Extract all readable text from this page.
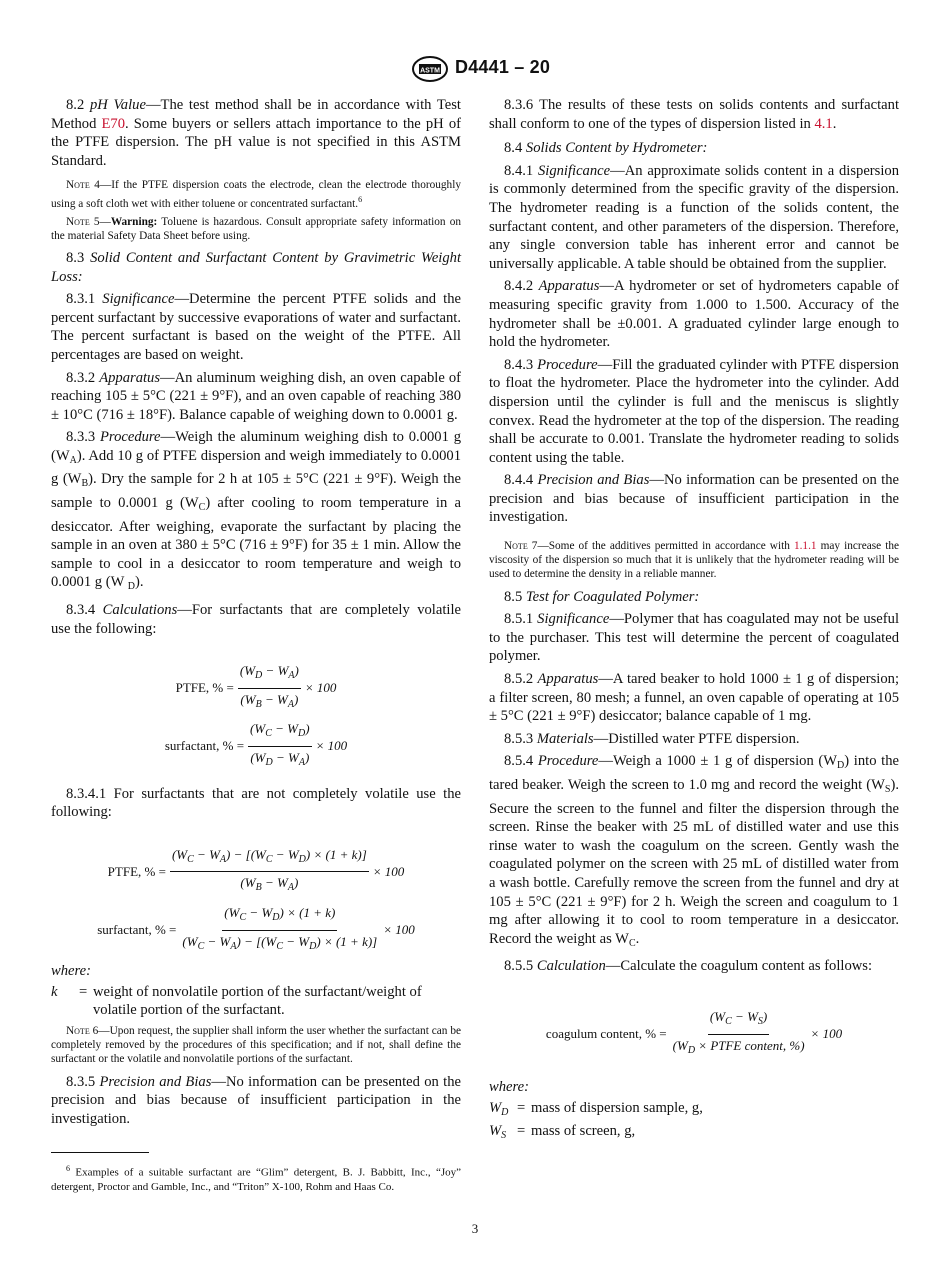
ASTM D4441 – 20

8.2 pH Value—The test method shall be in accordance with Test Method E70. Some buyers or sellers attach importance to the pH of the PTFE dispersion. The pH value is not specified in this ASTM Standard.

Note 4—If the PTFE dispersion coats the electrode, clean the electrode thoroughly using a soft cloth wet with either toluene or concentrated surfactant.$^6$
Note 5—Warning: Toluene is hazardous. Consult appropriate safety information on the material Safety Data Sheet before using.

8.3 Solid Content and Surfactant Content by Gravimetric Weight Loss:

8.3.1 Significance—Determine the percent PTFE solids and the percent surfactant by successive evaporations of water and surfactant. The percent surfactant is based on the weight of the PTFE. All percentages are based on weight.

8.3.2 Apparatus—An aluminum weighing dish, an oven capable of reaching 105 ± 5°C (221 ± 9°F), and an oven capable of reaching 380 ± 10°C (716 ± 18°F). Balance capable of weighing down to 0.0001 g.

8.3.3 Procedure—Weigh the aluminum weighing dish to 0.0001 g $(W_A)$. Add 10 g of PTFE dispersion and weigh immediately to 0.0001 g $(W_B)$. Dry the sample for 2 h at 105 ± 5°C (221 ± 9°F). Weigh the sample to 0.0001 g $(W_C)$ after cooling to room temperature in a desiccator. After weighing, evaporate the surfactant by placing the sample in an oven at 380 ± 5°C (716 ± 9°F) for 35 ± 1 min. Allow the sample to cool in a desiccator to room temperature and weigh to 0.0001 g (W $_D$).

8.3.4 Calculations—For surfactants that are completely volatile use the following:

PTFE, % = $\frac{(W_D - W_A)}{(W_B - W_A)} \times 100$
surfactant, % = $\frac{(W_C - W_D)}{(W_D - W_A)} \times 100$

8.3.4.1 For surfactants that are not completely volatile use the following:

PTFE, % = $\frac{(W_C - W_A) - [(W_C - W_D) \times (1 + k)]}{(W_B - W_A)} \times 100$
surfactant, % = $\frac{(W_C - W_D) \times (1 + k)}{(W_C - W_A) - [(W_C - W_D) \times (1 + k)]} \times 100$
where:
k	= weight of nonvolatile portion of the surfactant/weight of volatile portion of the surfactant.
Note 6—Upon request, the supplier shall inform the user whether the surfactant can be completely removed by the procedures of this specification; and if not, shall define the surfactant or the volatile and nonvolatile portions of the surfactant.

8.3.5 Precision and Bias—No information can be presented on the precision and bias because of insufficient participation in the investigation.

8.3.6 The results of these tests on solids contents and surfactant shall conform to one of the types of dispersion listed in 4.1.

8.4 Solids Content by Hydrometer:

8.4.1 Significance—An approximate solids content in a dispersion is commonly determined from the specific gravity of the dispersion. The hydrometer reading is a function of the solids content, the surfactant content, and other parameters of the dispersion. Therefore, any single conversion table has inherent error and cannot be universally applicable. A table should be obtained from the supplier.

8.4.2 Apparatus—A hydrometer or set of hydrometers capable of measuring specific gravity from 1.000 to 1.500. Accuracy of the hydrometer shall be ±0.001. A graduated cylinder large enough to hold the hydrometer.

8.4.3 Procedure—Fill the graduated cylinder with PTFE dispersion to float the hydrometer. Place the hydrometer into the cylinder. Add dispersion until the cylinder is full and the meniscus is slightly convex. Read the hydrometer at the top of the dispersion. The reading shall be accurate to 0.001. Translate the hydrometer reading to solids content using the table.

8.4.4 Precision and Bias—No information can be presented on the precision and bias because of insufficient participation in the investigation.

Note 7—Some of the additives permitted in accordance with 1.1.1 may increase the viscosity of the dispersion so much that it is unlikely that the hydrometer reading will be used to determine the density in a reliable manner.

8.5 Test for Coagulated Polymer:

8.5.1 Significance—Polymer that has coagulated may not be useful to the purchaser. This test will determine the percent of coagulated polymer.

8.5.2 Apparatus—A tared beaker to hold 1000 ± 1 g of dispersion; a filter screen, 80 mesh; a funnel, an oven capable of operating at 105 ± 5°C (221 ± 9°F) desiccator; balance capable of 1 mg.

8.5.3 Materials—Distilled water PTFE dispersion.

8.5.4 Procedure—Weigh a 1000 ± 1 g of dispersion $(W_D)$ into the tared beaker. Weigh the screen to 1.0 mg and record the weight $(W_S)$. Secure the screen to the funnel and filter the dispersion through the screen. Rinse the beaker with 25 mL of distilled water and use this rinse water to wash the coagulum on the screen. Gently wash the coagulated polymer on the screen with 25 mL of distilled water from a wash bottle. Carefully remove the screen from the funnel and dry at 105 ± 5°C (221 ± 9°F) for 2 h. Weigh the screen and coagulum to 1 mg after allowing it to cool to room temperature in a desiccator. Record the weight as $W_C$.

8.5.5 Calculation—Calculate the coagulum content as follows:

coagulum content, % = $\frac{(W_C - W_S)}{(W_D \times PTFE content, \%)} \times 100$
where:
$W_D$ = mass of dispersion sample, g,
$W_S$ = mass of screen, g,
$^6$ Examples of a suitable surfactant are “Glim” detergent, B. J. Babbitt, Inc., “Joy” detergent, Proctor and Gamble, Inc., and “Triton” X-100, Rohm and Haas Co.
3
